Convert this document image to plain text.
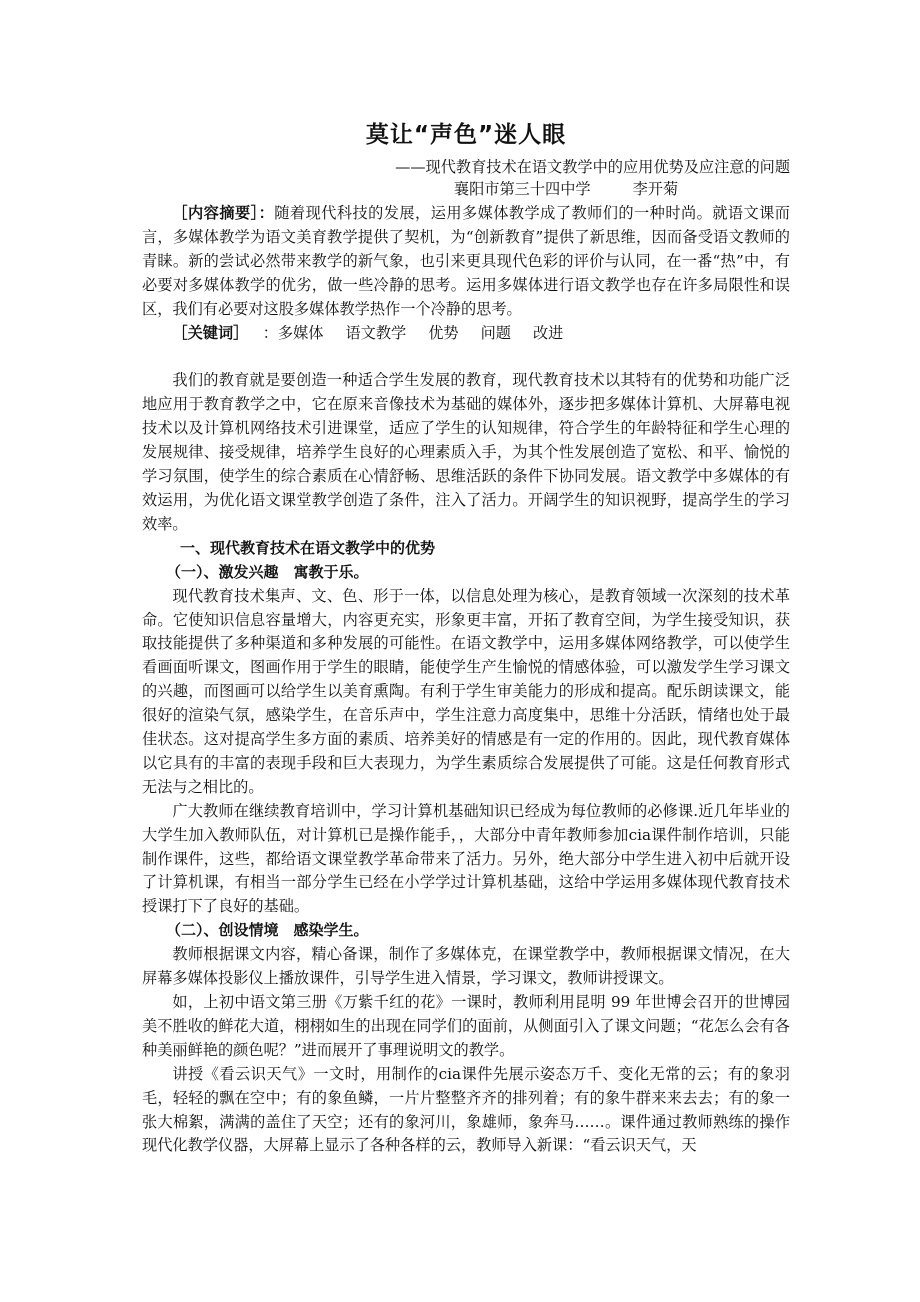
莫让“声色”迷人眼
——现代教育技术在语文教学中的应用优势及应注意的问题
襄阳市第三十四中学	李开菊

［内容摘要］：随着现代科技的发展，运用多媒体教学成了教师们的一种时尚。就语文课而言，多媒体教学为语文美育教学提供了契机，为“创新教育”提供了新思维，因而备受语文教师的青睐。新的尝试必然带来教学的新气象，也引来更具现代色彩的评价与认同，在一番“热”中，有必要对多媒体教学的优劣，做一些冷静的思考。运用多媒体进行语文教学也存在许多局限性和误区，我们有必要对这股多媒体教学热作一个冷静的思考。

［关键词］ ：多媒体 语文教学 优势 问题 改进

我们的教育就是要创造一种适合学生发展的教育，现代教育技术以其特有的优势和功能广泛地应用于教育教学之中，它在原来音像技术为基础的媒体外，逐步把多媒体计算机、大屏幕电视技术以及计算机网络技术引进课堂，适应了学生的认知规律，符合学生的年龄特征和学生心理的发展规律、接受规律，培养学生良好的心理素质入手，为其个性发展创造了宽松、和平、愉悦的学习氛围，使学生的综合素质在心情舒畅、思维活跃的条件下协同发展。语文教学中多媒体的有效运用，为优化语文课堂教学创造了条件，注入了活力。开阔学生的知识视野，提高学生的学习效率。

一、现代教育技术在语文教学中的优势

（一）、激发兴趣　寓教于乐。

现代教育技术集声、文、色、形于一体，以信息处理为核心，是教育领域一次深刻的技术革命。它使知识信息容量增大，内容更充实，形象更丰富，开拓了教育空间，为学生接受知识，获取技能提供了多种渠道和多种发展的可能性。在语文教学中，运用多媒体网络教学，可以使学生看画面听课文，图画作用于学生的眼睛，能使学生产生愉悦的情感体验，可以激发学生学习课文的兴趣，而图画可以给学生以美育熏陶。有利于学生审美能力的形成和提高。配乐朗读课文，能很好的渲染气氛，感染学生，在音乐声中，学生注意力高度集中，思维十分活跃，情绪也处于最佳状态。这对提高学生多方面的素质、培养美好的情感是有一定的作用的。因此，现代教育媒体以它具有的丰富的表现手段和巨大表现力，为学生素质综合发展提供了可能。这是任何教育形式无法与之相比的。

广大教师在继续教育培训中，学习计算机基础知识已经成为每位教师的必修课.近几年毕业的大学生加入教师队伍，对计算机已是操作能手，，大部分中青年教师参加cia课件制作培训，只能制作课件，这些，都给语文课堂教学革命带来了活力。另外，绝大部分中学生进入初中后就开设了计算机课，有相当一部分学生已经在小学学过计算机基础，这给中学运用多媒体现代教育技术授课打下了良好的基础。

（二）、创设情境　感染学生。

教师根据课文内容，精心备课，制作了多媒体克，在课堂教学中，教师根据课文情况，在大屏幕多媒体投影仪上播放课件，引导学生进入情景，学习课文，教师讲授课文。

如，上初中语文第三册《万紫千红的花》一课时，教师利用昆明 99 年世博会召开的世博园美不胜收的鲜花大道，栩栩如生的出现在同学们的面前，从侧面引入了课文问题；“花怎么会有各种美丽鲜艳的颜色呢？”进而展开了事理说明文的教学。

讲授《看云识天气》一文时，用制作的cia课件先展示姿态万千、变化无常的云；有的象羽毛，轻轻的飘在空中；有的象鱼鳞，一片片整整齐齐的排列着；有的象牛群来来去去；有的象一张大棉絮，满满的盖住了天空；还有的象河川，象雄师，象奔马……。课件通过教师熟练的操作现代化教学仪器，大屏幕上显示了各种各样的云，教师导入新课：“看云识天气，天
